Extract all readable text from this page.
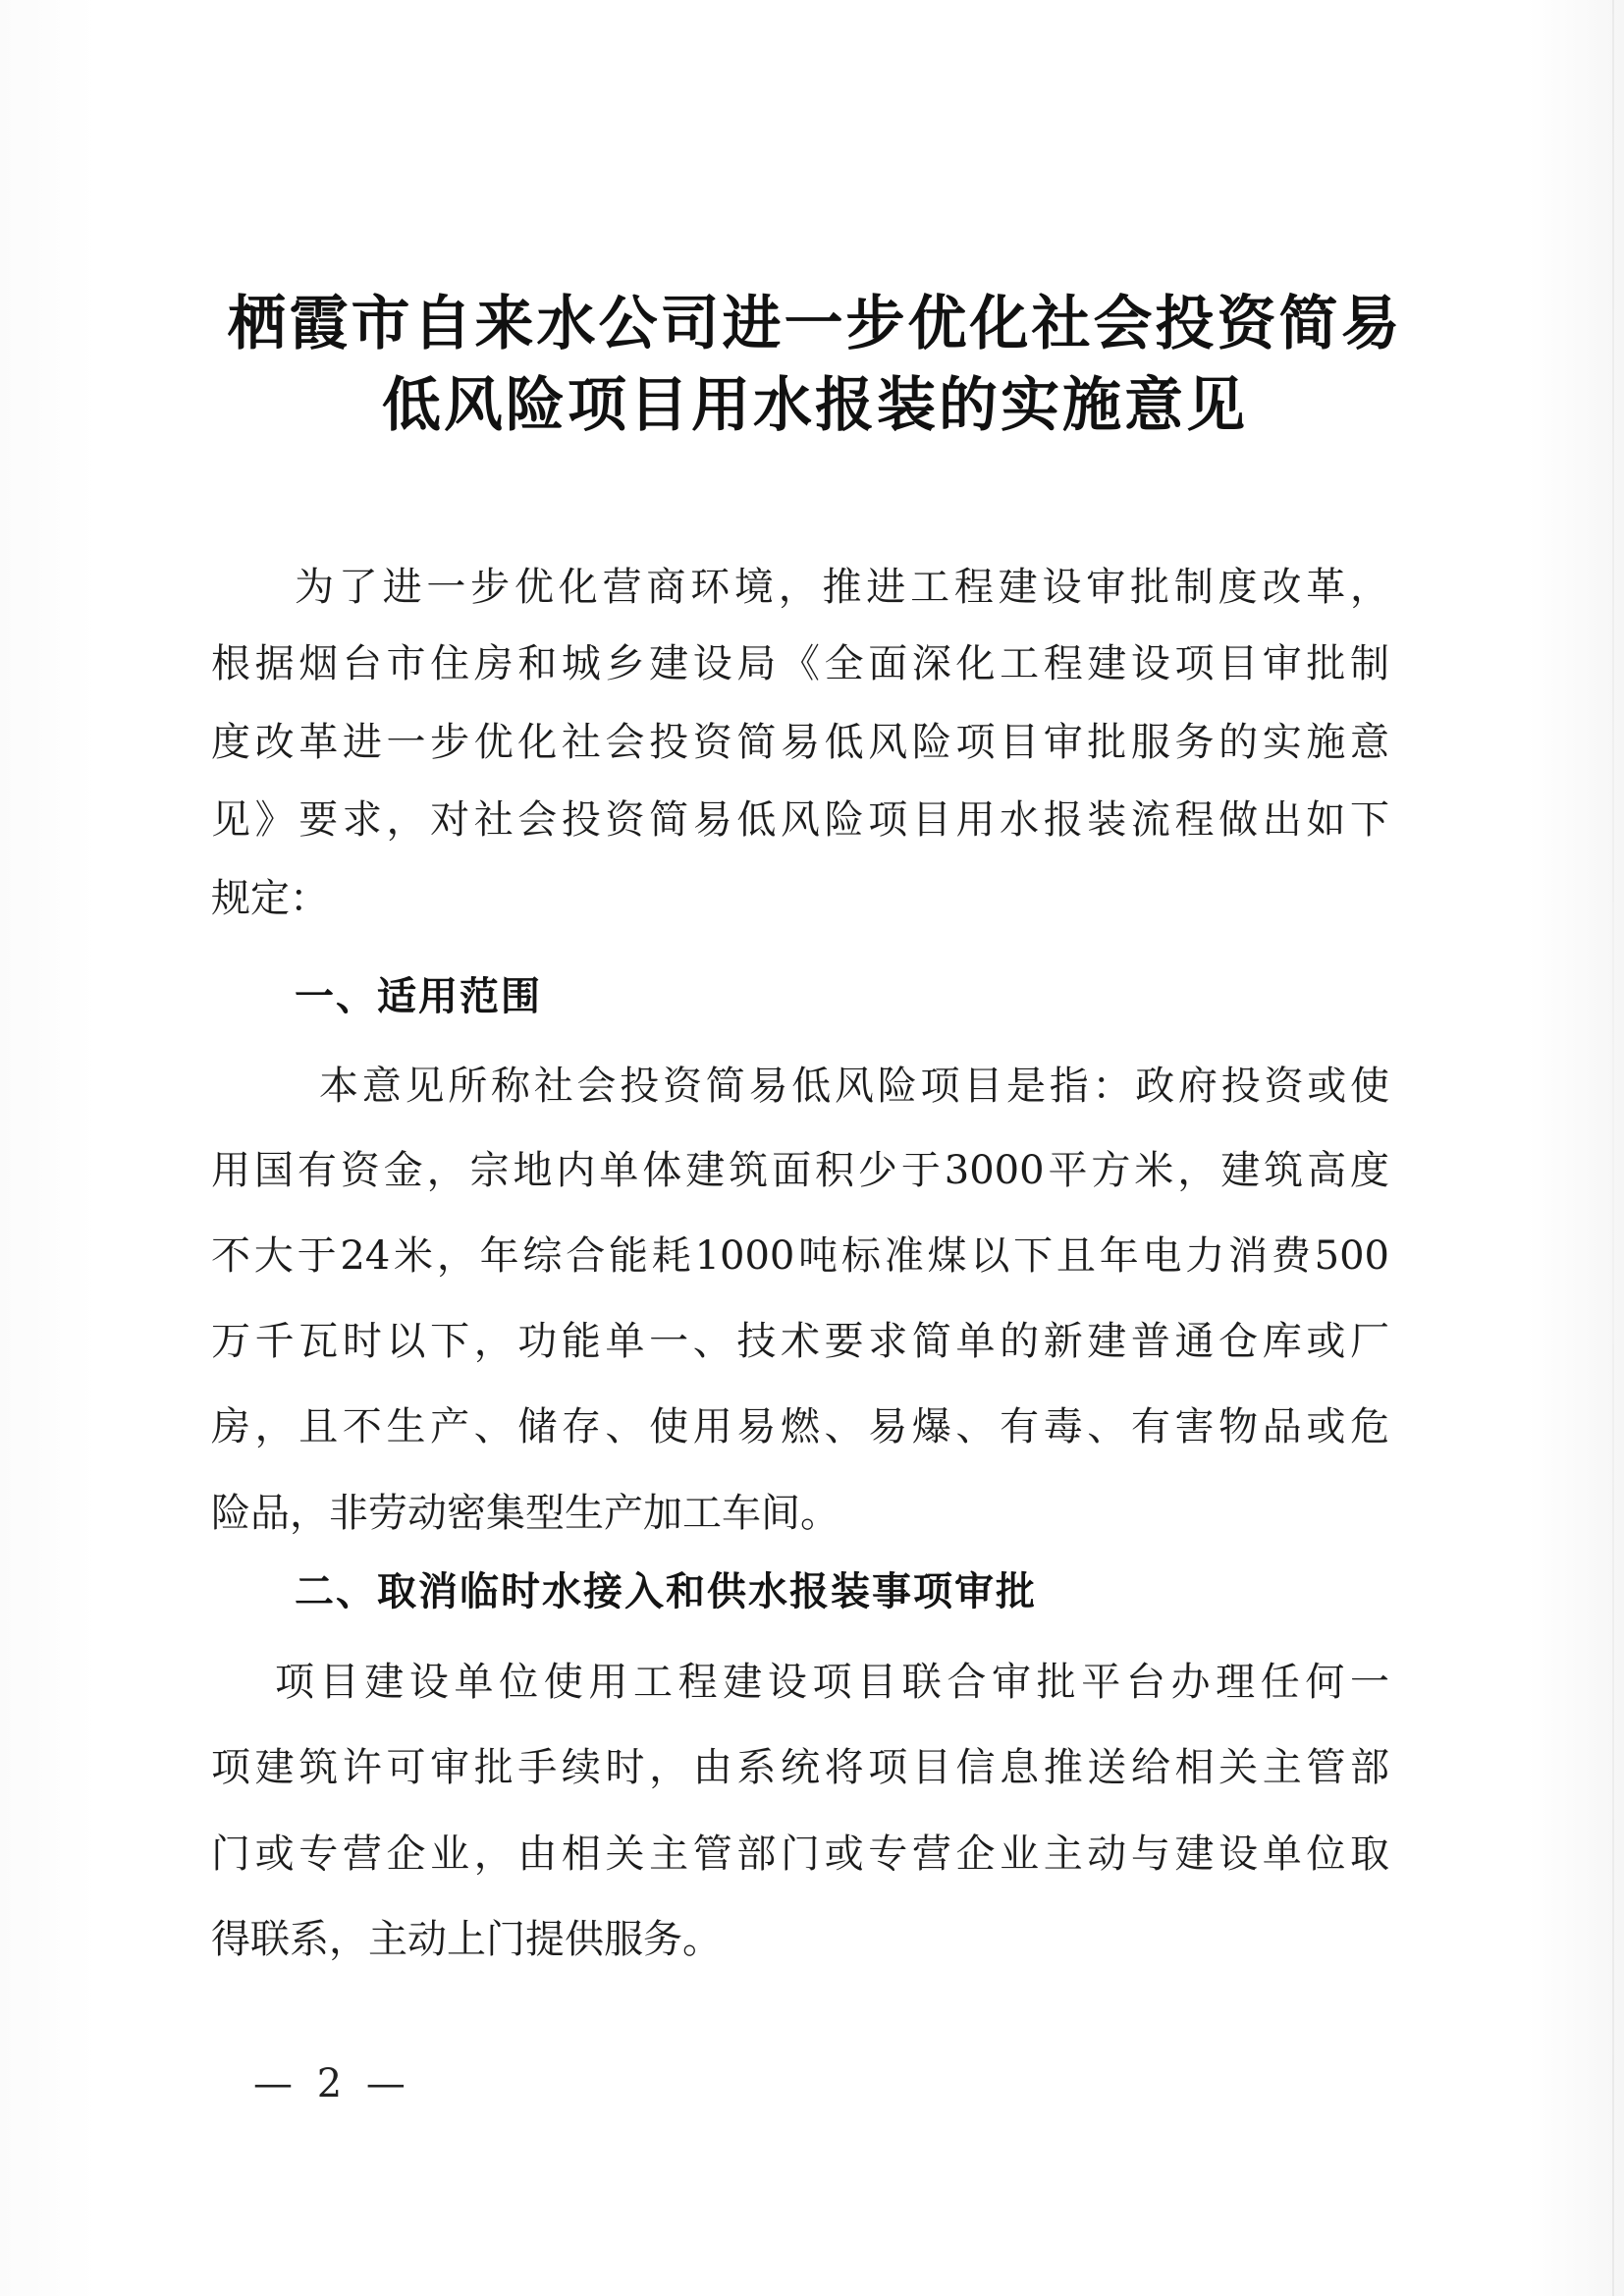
栖霞市自来水公司进一步优化社会投资简易
低风险项目用水报装的实施意见
为了进一步优化营商环境，推进工程建设审批制度改革，
根据烟台市住房和城乡建设局《全面深化工程建设项目审批制
度改革进一步优化社会投资简易低风险项目审批服务的实施意
见》要求，对社会投资简易低风险项目用水报装流程做出如下
规定：
一、适用范围
本意见所称社会投资简易低风险项目是指：政府投资或使
用国有资金，宗地内单体建筑面积少于3000平方米，建筑高度
不大于24米，年综合能耗1000吨标准煤以下且年电力消费500
万千瓦时以下，功能单一、技术要求简单的新建普通仓库或厂
房，且不生产、储存、使用易燃、易爆、有毒、有害物品或危
险品，非劳动密集型生产加工车间。
二、取消临时水接入和供水报装事项审批
项目建设单位使用工程建设项目联合审批平台办理任何一
项建筑许可审批手续时，由系统将项目信息推送给相关主管部
门或专营企业，由相关主管部门或专营企业主动与建设单位取
得联系，主动上门提供服务。
— 2 —
